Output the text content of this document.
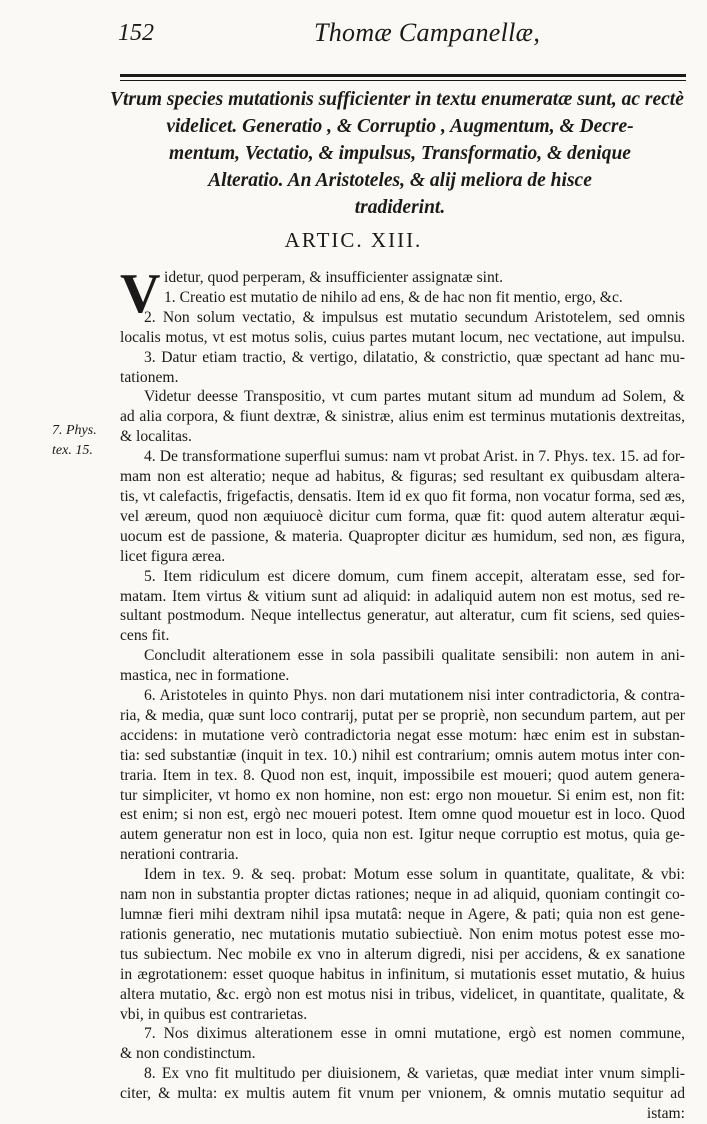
152	Thomæ Campanellæ,
Vtrum species mutationis sufficienter in textu enumeratæ sunt, ac rectè
videlicet. Generatio , & Corruptio , Augmentum, & Decre-
mentum, Vectatio, & impulsus, Transformatio, & denique
Alteratio. An Aristoteles, & alij meliora de hisce
tradiderint.
ARTIC. XIII.
7. Phys.
tex. 15.
V idetur, quod perperam, & insufficienter assignatæ sint.
1. Creatio est mutatio de nihilo ad ens, & de hac non fit mentio, ergo, &c.
2. Non solum vectatio, & impulsus est mutatio secundum Aristotelem, sed omnis
localis motus, vt est motus solis, cuius partes mutant locum, nec vectatione, aut impulsu.
3. Datur etiam tractio, & vertigo, dilatatio, & constrictio, quæ spectant ad hanc mu-
tationem.
Videtur deesse Transpositio, vt cum partes mutant situm ad mundum ad Solem, &
ad alia corpora, & fiunt dextræ, & sinistræ, alius enim est terminus mutationis dextreitas,
& localitas.
4. De transformatione superflui sumus: nam vt probat Arist. in 7. Phys. tex. 15. ad for-
mam non est alteratio; neque ad habitus, & figuras; sed resultant ex quibusdam altera-
tis, vt calefactis, frigefactis, densatis. Item id ex quo fit forma, non vocatur forma, sed æs,
vel æreum, quod non æquiuocè dicitur cum forma, quæ fit: quod autem alteratur æqui-
uocum est de passione, & materia. Quapropter dicitur æs humidum, sed non, æs figura,
licet figura ærea.
5. Item ridiculum est dicere domum, cum finem accepit, alteratam esse, sed for-
matam. Item virtus & vitium sunt ad aliquid: in adaliquid autem non est motus, sed re-
sultant postmodum. Neque intellectus generatur, aut alteratur, cum fit sciens, sed quies-
cens fit.
Concludit alterationem esse in sola passibili qualitate sensibili: non autem in ani-
mastica, nec in formatione.
6. Aristoteles in quinto Phys. non dari mutationem nisi inter contradictoria, & contra-
ria, & media, quæ sunt loco contrarij, putat per se propriè, non secundum partem, aut per
accidens: in mutatione verò contradictoria negat esse motum: hæc enim est in substan-
tia: sed substantiæ (inquit in tex. 10.) nihil est contrarium; omnis autem motus inter con-
traria. Item in tex. 8. Quod non est, inquit, impossibile est moueri; quod autem genera-
tur simpliciter, vt homo ex non homine, non est: ergo non mouetur. Si enim est, non fit:
est enim; si non est, ergò nec moueri potest. Item omne quod mouetur est in loco. Quod
autem generatur non est in loco, quia non est. Igitur neque corruptio est motus, quia ge-
nerationi contraria.
Idem in tex. 9. & seq. probat: Motum esse solum in quantitate, qualitate, & vbi:
nam non in substantia propter dictas rationes; neque in ad aliquid, quoniam contingit co-
lumnæ fieri mihi dextram nihil ipsa mutatâ: neque in Agere, & pati; quia non est gene-
rationis generatio, nec mutationis mutatio subiectiuè. Non enim motus potest esse mo-
tus subiectum. Nec mobile ex vno in alterum digredi, nisi per accidens, & ex sanatione
in ægrotationem: esset quoque habitus in infinitum, si mutationis esset mutatio, & huius
altera mutatio, &c. ergò non est motus nisi in tribus, videlicet, in quantitate, qualitate, &
vbi, in quibus est contrarietas.
7. Nos diximus alterationem esse in omni mutatione, ergò est nomen commune,
& non condistinctum.
8. Ex vno fit multitudo per diuisionem, & varietas, quæ mediat inter vnum simpli-
citer, & multa: ex multis autem fit vnum per vnionem, & omnis mutatio sequitur ad
istam:
